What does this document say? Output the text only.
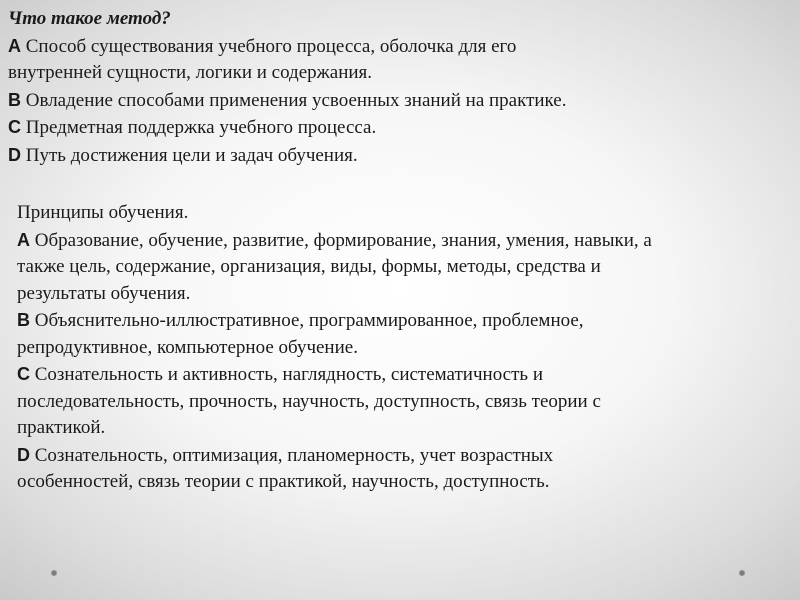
Что такое метод?
A Способ существования учебного процесса, оболочка для его
внутренней сущности, логики и содержания.
B Овладение способами применения усвоенных знаний на практике.
C Предметная поддержка учебного процесса.
D Путь достижения цели и задач обучения.
Принципы обучения.
A Образование, обучение, развитие, формирование, знания, умения, навыки, а
также цель, содержание, организация, виды, формы, методы, средства и
результаты обучения.
B Объяснительно-иллюстративное, программированное, проблемное,
репродуктивное, компьютерное обучение.
C Сознательность и активность, наглядность, систематичность и
последовательность, прочность, научность, доступность, связь теории с
практикой.
D Сознательность, оптимизация, планомерность, учет возрастных
особенностей, связь теории с практикой, научность, доступность.
